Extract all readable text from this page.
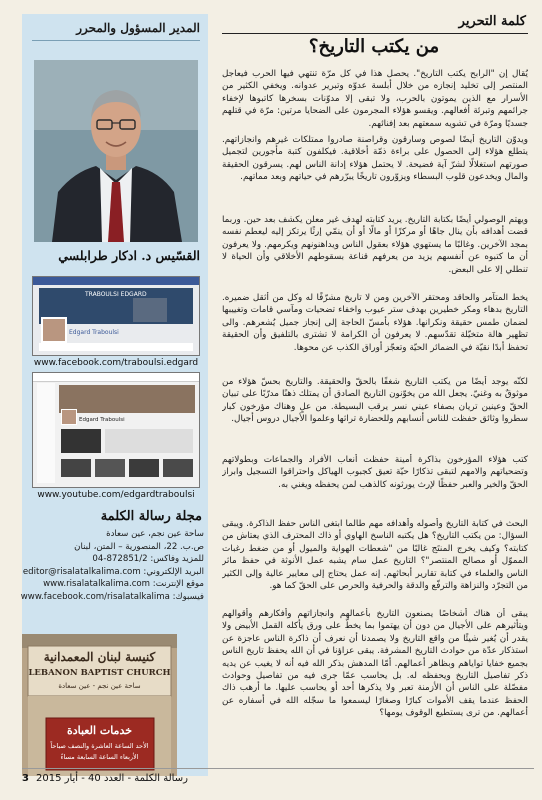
المدير المسؤول والمحرر
القسّيس د. ادكار طرابلسي
TRABOULSI EDGARD
Edgard Traboulsi
www.facebook.com/traboulsi.edgard
Edgard Traboulsi
www.youtube.com/edgardtraboulsi
مجلة رسالة الكلمة
ساحة عين نجم، عين سعادة
ص.ب. 22، المنصورية – المتن، لبنان
للمزيد وفاكس: 872851/2-04
البريد الإلكتروني: editor@risalatalkalima.com
موقع الإنترنت: www.risalatalkalima.com
فيسبوك: www.facebook.com/risalatalkalima
كنيسة لبنان المعمدانية
LEBANON BAPTIST CHURCH
ساحة عين نجم - عين سعادة
خدمات العبادة
الأحد الساعة العاشرة والنصف صباحاً
الأربعاء الساعة السابعة مساءً
كلمة التحرير
من يكتب التاريخ؟
يُقال إن "الرابح يكتب التاريخ". يحصل هذا في كل مرّة تنتهي فيها الحرب فيعاجل المنتصر إلى تخليد إنجازه من خلال أبلسة عدوّه وتبرير عدوانه. ويخفي الكثير من الأسرار مع الذين يموتون بالحرب، ولا تبقى إلا مدوّنات بسخرها كاتبوها لإخفاء جرائمهم وتبرئة أفعالهم. ويقسو هؤلاء المجرمون على الضحايا مرتين: مرّة في قتلهم جسديًا ومرّة في تشويه سمعتهم بعد إفنائهم.
ويدوّن التاريخ أيضًا لصوص وسارقون وقراصنة صادروا ممتلكات غيرهم وانجازاتهم. يتطلع هؤلاء إلى الحصول على براءة ذمّة أخلاقية. فيكلفون كتبة مأجورين لتجميل صورتهم استغلالًا لشرّ آية فضيحة. لا يحتمل هؤلاء إدانة الناس لهم. يسرقون الحقيقة والمال ويخدعون قلوب البسطاء ويزوّرون تاريخًا يبرّرهم في حياتهم وبعد مماتهم.
ويهتم الوصولي أيضًا بكتابة التاريخ. يريد كتابته لهدف غير معلن يكشف بعد حين. وربما قضت أهدافه بأن ينال جاهًا أو مركزًا أو مالًا أو أن ينمّي إرثًا يرتكز إليه ليعطم نفسه بمجد الآخرين. وغالبًا ما يستهوي هؤلاء بعقول الناس ويداهنونهم ويكرمهم. ولا يعرفون أن ما كتبوه عن أنفسهم يزيد من يعرفهم قناعة بسقوطهم الأخلاقي وأن الحياة لا تنطلي إلا على البعض.
يخط المتآمر والحاقد ومحتقر الآخرين ومن لا تاريخ مشرّفًا له وكل من أثقل ضميره. التاريخ بدهاء ومكر خطيرين بهدف ستر عيوب واخفاء تضحيات ومآسي قامات وتغييبها لضمان طمس حقيقة ونكرانها. هؤلاء بأمسّ الحاجة إلى إنجاز جميل يُشعرهم. والى تظهير هالة متخيّلة تقدّسهم. لا يعرفون أن الكرامة لا تشترى بالتلفيق وأن الحقيقة تحفظ أبدًا نقيّة في الضمائر الحيّة وتعجّز أوراق الكذب عن محوها.
لكنّه يوجد أيضًا من يكتب التاريخ شغفًا بالحقّ والحقيقة. والتاريخ بحسّ هؤلاء من موثوقٌ به وغنيّ. يجعل الله من يخوّنون التاريخ الصادق أن يمتلك ذهنًا مدرّبًا على تبيان الحقّ وعينين تريان بصفاء عيني نسر يرقب البسيطة. من علٍ وهناك مؤرخون كبار سطروا وثائق حفظت للناس أنسابهم وللحضارة تراثها وعلموا الأجيال دروس أجيال.
كتب هؤلاء المؤرخون بذاكرة أمينة حفظت أنعاب الأفراد والجماعات وبطولاتهم وتضحياتهم والامهم لتبقى تذكارًا حيّة تعيق كجبوب الهياكل واحتراقوا التسجيل وابراز الحقّ والخير والعبر حفظًا لإرث يورثونه كالذهب لمن يحفظه ويغني به.
البحث في كتابة التاريخ وأصوله وأهدافه مهم طالما ابتغى الناس حفظ الذاكرة. ويبقى السؤال: من يكتب التاريخ؟ هل يكتبه الناسخ الهاوي أو ذاك المحترف الذي يعتاش من كتابته؟ وكيف يخرج المنتَج غالبًا من "شعطات الهواية والميول أو من ضغط رغبات المموّل أو مصالح المنتصر"؟ التاريخ عمل سام يشبه عمل الأنوثة في حفظ ماثر الناس والعلماء في كتابة تقارير أبحاثهم. إنه عمل يحتاج إلى معايير عالية وإلى الكثير من التجرّد والنزاهة والترفّع والدقة والحرفية والحرص على الحقّ كما هو.
يبقى أن هناك أشخاصًا يصنعون التاريخ بأعمالهم وانجازاتهم وأفكارهم وأقوالهم ويتأثيرهم على الأجيال من دون أن يهتموا بما يخطّ على ورق يأكله القمل الأبيض ولا يقدر أن يُغير شيئًا من واقع التاريخ ولا يصمدنا أن نعرف أن ذاكرة الناس عاجزة عن استذكار عدّة من حوادث التاريخ المشرفة. يبقى عزاؤنا في أن الله يحفظ تاريخ الناس بجميع خفايا تواياهم وبظاهر أعمالهم. أمّا المدهش بذكر الله فيه أنه لا يغيب عن يديه ذكر تفاصيل التاريخ ويحفظه له. بل يحاسب عمّا جرى فيه من تفاصيل وحوادث مفصّلة على الناس أن الأزمنة تعبر ولا يذكرها أحد أو يحاسب عليها. ما أرهب ذاك الحفظ عندما يقف الأموات كبارًا وصغارًا ليسمعوا ما سجّله الله في أسفاره عن أعمالهم. من ترى يستطيع الوقوف يومها؟
3 رسالة الكلمة - العدد 40 - أيار 2015
